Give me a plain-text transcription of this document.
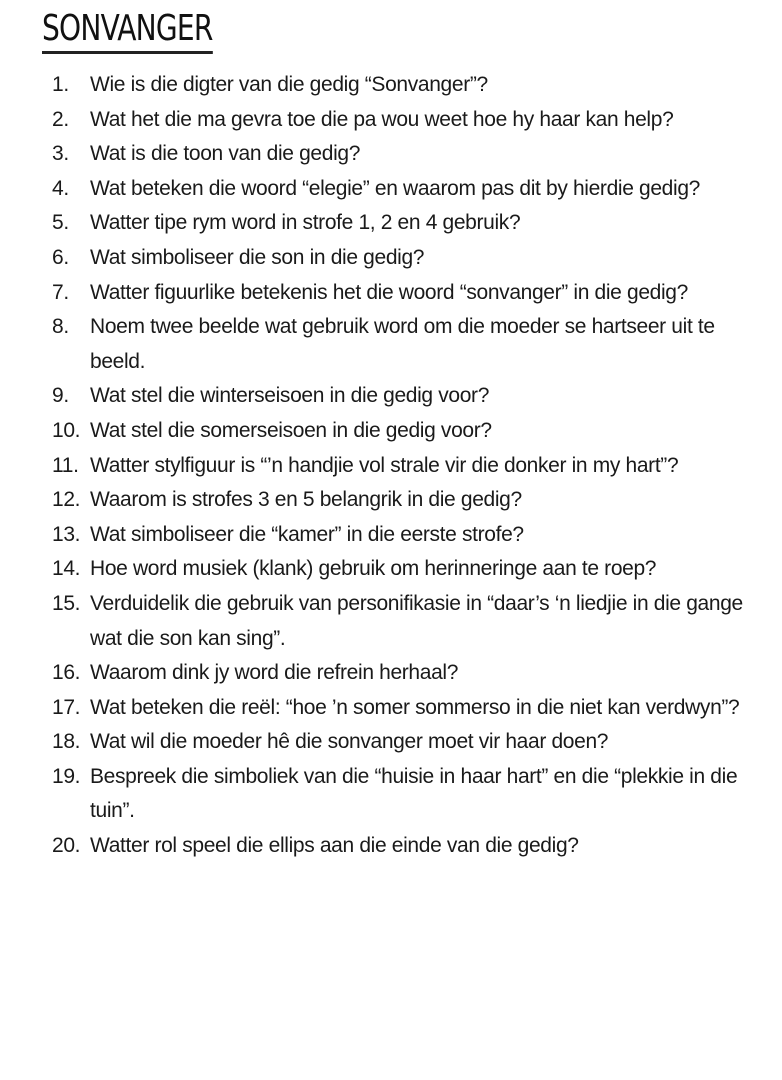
SONVANGER
1. Wie is die digter van die gedig “Sonvanger”?
2. Wat het die ma gevra toe die pa wou weet hoe hy haar kan help?
3. Wat is die toon van die gedig?
4. Wat beteken die woord “elegie” en waarom pas dit by hierdie gedig?
5. Watter tipe rym word in strofe 1, 2 en 4 gebruik?
6. Wat simboliseer die son in die gedig?
7. Watter figuurlike betekenis het die woord “sonvanger” in die gedig?
8. Noem twee beelde wat gebruik word om die moeder se hartseer uit te beeld.
9. Wat stel die winterseisoen in die gedig voor?
10. Wat stel die somerseisoen in die gedig voor?
11. Watter stylfiguur is “’n handjie vol strale vir die donker in my hart”?
12. Waarom is strofes 3 en 5 belangrik in die gedig?
13. Wat simboliseer die “kamer” in die eerste strofe?
14. Hoe word musiek (klank) gebruik om herinneringe aan te roep?
15. Verduidelik die gebruik van personifikasie in “daar’s ‘n liedjie in die gange wat die son kan sing”.
16. Waarom dink jy word die refrein herhaal?
17. Wat beteken die reël: “hoe ’n somer sommerso in die niet kan verdwyn”?
18. Wat wil die moeder hê die sonvanger moet vir haar doen?
19. Bespreek die simboliek van die “huisie in haar hart” en die “plekkie in die tuin”.
20. Watter rol speel die ellips aan die einde van die gedig?
